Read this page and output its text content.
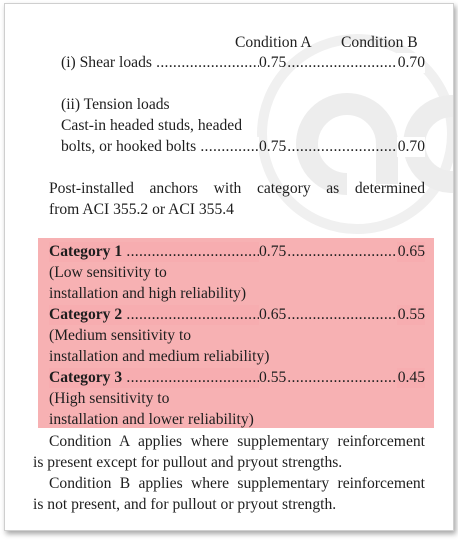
Condition A Condition B
(i) Shear loads .....	0.75 .....	0.70
(ii) Tension loads
Cast-in headed studs, headed
bolts, or hooked bolts .....	0.75 .....	0.70
Post-installed anchors with category as determined
from ACI 355.2 or ACI 355.4
Category 1 .....	0.75 .....	0.65
(Low sensitivity to
installation and high reliability)
Category 2 .....	0.65 .....	0.55
(Medium sensitivity to
installation and medium reliability)
Category 3 .....	0.55 .....	0.45
(High sensitivity to
installation and lower reliability)
Condition A applies where supplementary reinforcement
is present except for pullout and pryout strengths.
Condition B applies where supplementary reinforcement
is not present, and for pullout or pryout strength.
